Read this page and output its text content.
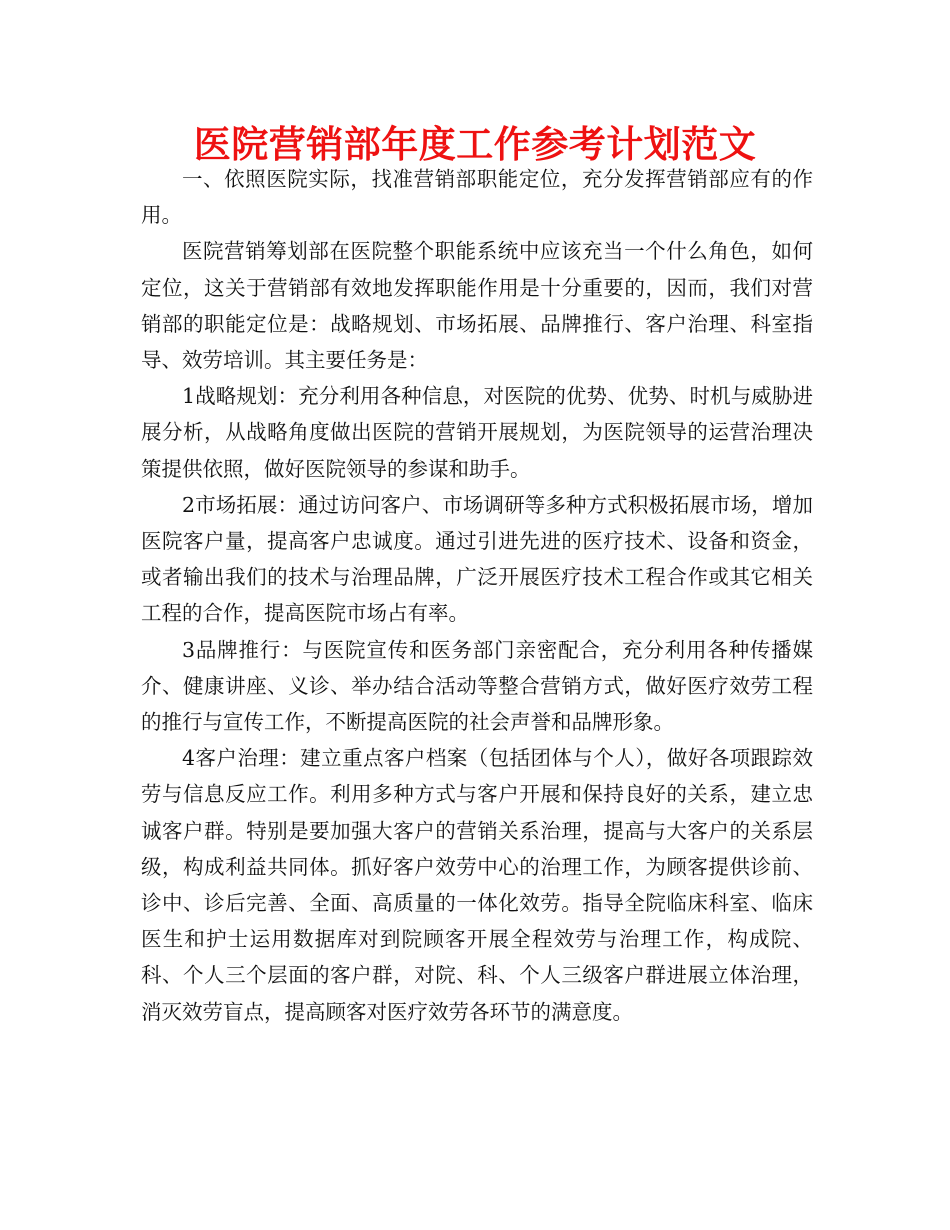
医院营销部年度工作参考计划范文

一、依照医院实际，找准营销部职能定位，充分发挥营销部应有的作用。

医院营销筹划部在医院整个职能系统中应该充当一个什么角色，如何定位，这关于营销部有效地发挥职能作用是十分重要的，因而，我们对营销部的职能定位是：战略规划、市场拓展、品牌推行、客户治理、科室指导、效劳培训。其主要任务是：

1战略规划：充分利用各种信息，对医院的优势、优势、时机与威胁进展分析，从战略角度做出医院的营销开展规划，为医院领导的运营治理决策提供依照，做好医院领导的参谋和助手。

2市场拓展：通过访问客户、市场调研等多种方式积极拓展市场，增加医院客户量，提高客户忠诚度。通过引进先进的医疗技术、设备和资金，或者输出我们的技术与治理品牌，广泛开展医疗技术工程合作或其它相关工程的合作，提高医院市场占有率。

3品牌推行：与医院宣传和医务部门亲密配合，充分利用各种传播媒介、健康讲座、义诊、举办结合活动等整合营销方式，做好医疗效劳工程的推行与宣传工作，不断提高医院的社会声誉和品牌形象。

4客户治理：建立重点客户档案（包括团体与个人），做好各项跟踪效劳与信息反应工作。利用多种方式与客户开展和保持良好的关系，建立忠诚客户群。特别是要加强大客户的营销关系治理，提高与大客户的关系层级，构成利益共同体。抓好客户效劳中心的治理工作，为顾客提供诊前、诊中、诊后完善、全面、高质量的一体化效劳。指导全院临床科室、临床医生和护士运用数据库对到院顾客开展全程效劳与治理工作，构成院、科、个人三个层面的客户群，对院、科、个人三级客户群进展立体治理，消灭效劳盲点，提高顾客对医疗效劳各环节的满意度。
